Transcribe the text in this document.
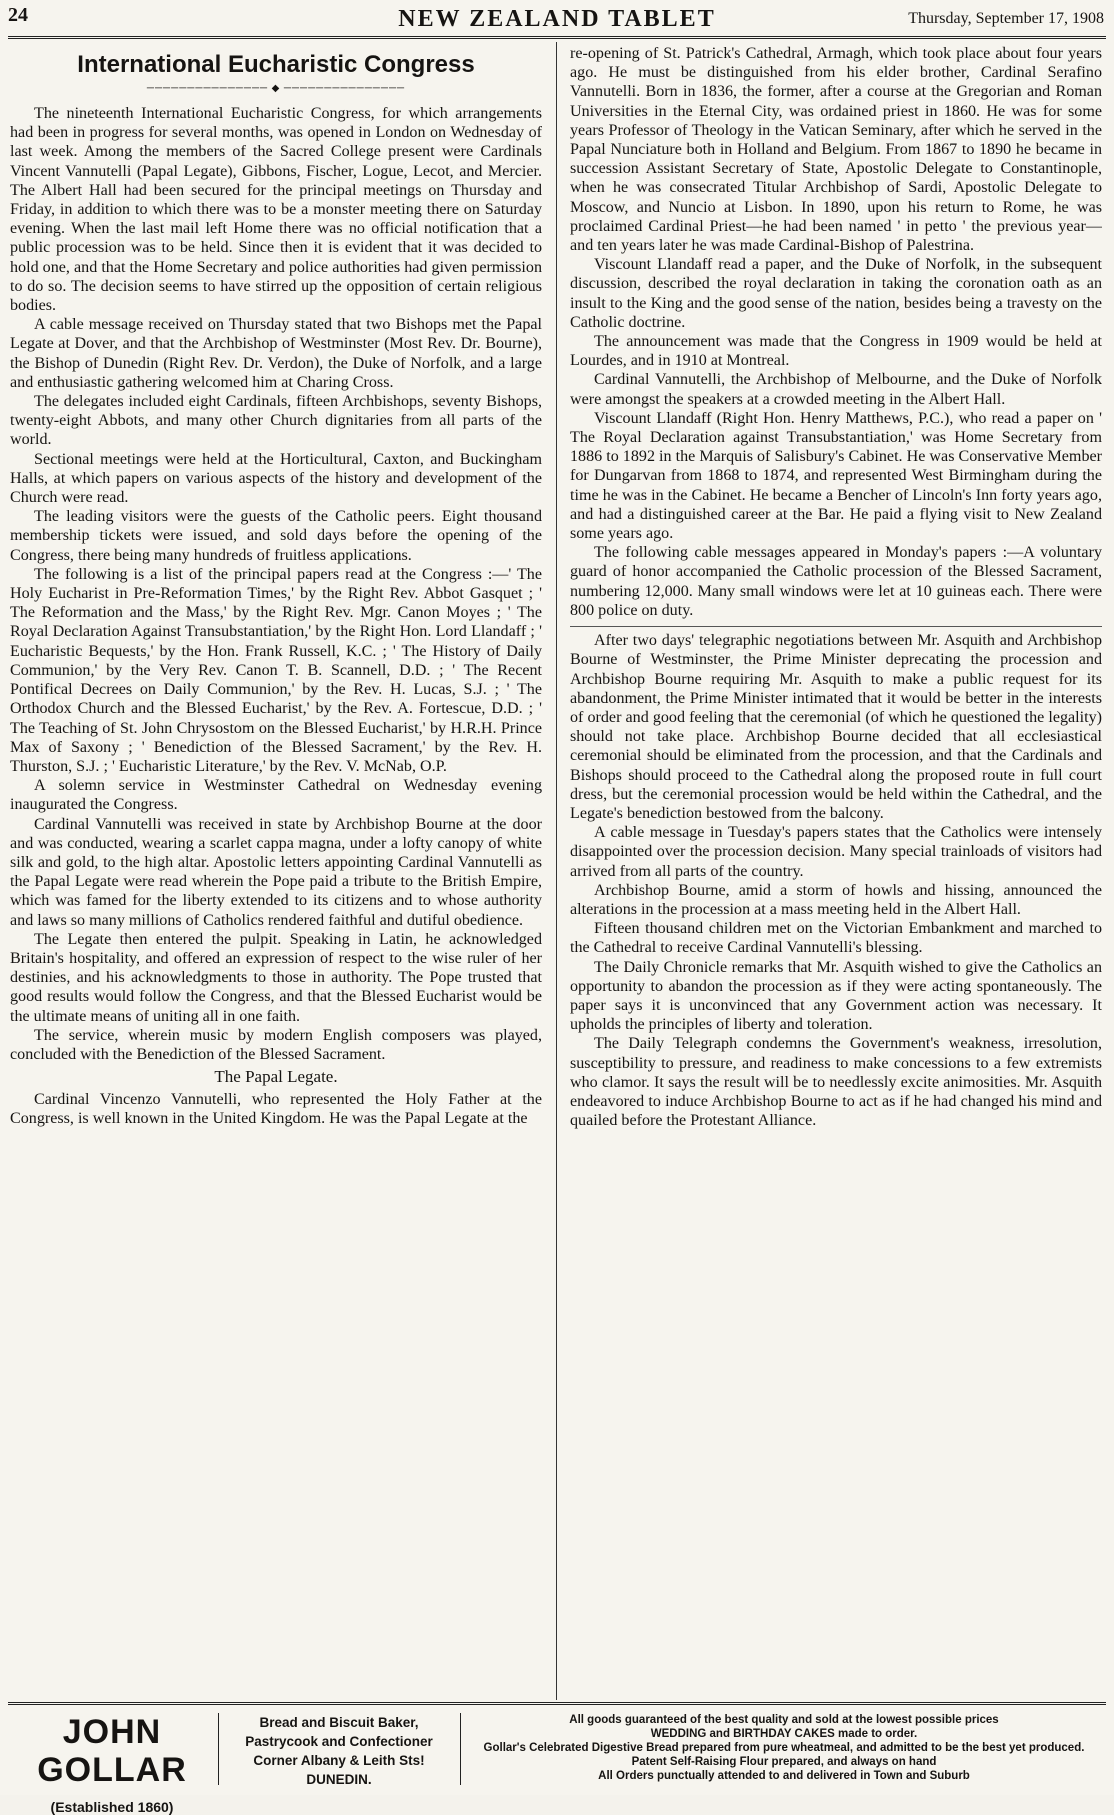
24	NEW ZEALAND TABLET	Thursday, September 17, 1908
International Eucharistic Congress
─────────────── ◆ ───────────────

The nineteenth International Eucharistic Congress, for which arrangements had been in progress for several months, was opened in London on Wednesday of last week. Among the members of the Sacred College present were Cardinals Vincent Vannutelli (Papal Legate), Gibbons, Fischer, Logue, Lecot, and Mercier. The Albert Hall had been secured for the principal meetings on Thursday and Friday, in addition to which there was to be a monster meeting there on Saturday evening. When the last mail left Home there was no official notification that a public procession was to be held. Since then it is evident that it was decided to hold one, and that the Home Secretary and police authorities had given permission to do so. The decision seems to have stirred up the opposition of certain religious bodies.

A cable message received on Thursday stated that two Bishops met the Papal Legate at Dover, and that the Archbishop of Westminster (Most Rev. Dr. Bourne), the Bishop of Dunedin (Right Rev. Dr. Verdon), the Duke of Norfolk, and a large and enthusiastic gathering welcomed him at Charing Cross.

The delegates included eight Cardinals, fifteen Archbishops, seventy Bishops, twenty-eight Abbots, and many other Church dignitaries from all parts of the world.

Sectional meetings were held at the Horticultural, Caxton, and Buckingham Halls, at which papers on various aspects of the history and development of the Church were read.

The leading visitors were the guests of the Catholic peers. Eight thousand membership tickets were issued, and sold days before the opening of the Congress, there being many hundreds of fruitless applications.

The following is a list of the principal papers read at the Congress :—' The Holy Eucharist in Pre-Reformation Times,' by the Right Rev. Abbot Gasquet ; ' The Reformation and the Mass,' by the Right Rev. Mgr. Canon Moyes ; ' The Royal Declaration Against Transubstantiation,' by the Right Hon. Lord Llandaff ; ' Eucharistic Bequests,' by the Hon. Frank Russell, K.C. ; ' The History of Daily Communion,' by the Very Rev. Canon T. B. Scannell, D.D. ; ' The Recent Pontifical Decrees on Daily Communion,' by the Rev. H. Lucas, S.J. ; ' The Orthodox Church and the Blessed Eucharist,' by the Rev. A. Fortescue, D.D. ; ' The Teaching of St. John Chrysostom on the Blessed Eucharist,' by H.R.H. Prince Max of Saxony ; ' Benediction of the Blessed Sacrament,' by the Rev. H. Thurston, S.J. ; ' Eucharistic Literature,' by the Rev. V. McNab, O.P.

A solemn service in Westminster Cathedral on Wednesday evening inaugurated the Congress.

Cardinal Vannutelli was received in state by Archbishop Bourne at the door and was conducted, wearing a scarlet cappa magna, under a lofty canopy of white silk and gold, to the high altar. Apostolic letters appointing Cardinal Vannutelli as the Papal Legate were read wherein the Pope paid a tribute to the British Empire, which was famed for the liberty extended to its citizens and to whose authority and laws so many millions of Catholics rendered faithful and dutiful obedience.

The Legate then entered the pulpit. Speaking in Latin, he acknowledged Britain's hospitality, and offered an expression of respect to the wise ruler of her destinies, and his acknowledgments to those in authority. The Pope trusted that good results would follow the Congress, and that the Blessed Eucharist would be the ultimate means of uniting all in one faith.

The service, wherein music by modern English composers was played, concluded with the Benediction of the Blessed Sacrament.

The Papal Legate.

Cardinal Vincenzo Vannutelli, who represented the Holy Father at the Congress, is well known in the United Kingdom. He was the Papal Legate at the

re-opening of St. Patrick's Cathedral, Armagh, which took place about four years ago. He must be distinguished from his elder brother, Cardinal Serafino Vannutelli. Born in 1836, the former, after a course at the Gregorian and Roman Universities in the Eternal City, was ordained priest in 1860. He was for some years Professor of Theology in the Vatican Seminary, after which he served in the Papal Nunciature both in Holland and Belgium. From 1867 to 1890 he became in succession Assistant Secretary of State, Apostolic Delegate to Constantinople, when he was consecrated Titular Archbishop of Sardi, Apostolic Delegate to Moscow, and Nuncio at Lisbon. In 1890, upon his return to Rome, he was proclaimed Cardinal Priest—he had been named ' in petto ' the previous year—and ten years later he was made Cardinal-Bishop of Palestrina.

Viscount Llandaff read a paper, and the Duke of Norfolk, in the subsequent discussion, described the royal declaration in taking the coronation oath as an insult to the King and the good sense of the nation, besides being a travesty on the Catholic doctrine.

The announcement was made that the Congress in 1909 would be held at Lourdes, and in 1910 at Montreal.

Cardinal Vannutelli, the Archbishop of Melbourne, and the Duke of Norfolk were amongst the speakers at a crowded meeting in the Albert Hall.

Viscount Llandaff (Right Hon. Henry Matthews, P.C.), who read a paper on ' The Royal Declaration against Transubstantiation,' was Home Secretary from 1886 to 1892 in the Marquis of Salisbury's Cabinet. He was Conservative Member for Dungarvan from 1868 to 1874, and represented West Birmingham during the time he was in the Cabinet. He became a Bencher of Lincoln's Inn forty years ago, and had a distinguished career at the Bar. He paid a flying visit to New Zealand some years ago.

The following cable messages appeared in Monday's papers :—A voluntary guard of honor accompanied the Catholic procession of the Blessed Sacrament, numbering 12,000. Many small windows were let at 10 guineas each. There were 800 police on duty.

After two days' telegraphic negotiations between Mr. Asquith and Archbishop Bourne of Westminster, the Prime Minister deprecating the procession and Archbishop Bourne requiring Mr. Asquith to make a public request for its abandonment, the Prime Minister intimated that it would be better in the interests of order and good feeling that the ceremonial (of which he questioned the legality) should not take place. Archbishop Bourne decided that all ecclesiastical ceremonial should be eliminated from the procession, and that the Cardinals and Bishops should proceed to the Cathedral along the proposed route in full court dress, but the ceremonial procession would be held within the Cathedral, and the Legate's benediction bestowed from the balcony.

A cable message in Tuesday's papers states that the Catholics were intensely disappointed over the procession decision. Many special trainloads of visitors had arrived from all parts of the country.

Archbishop Bourne, amid a storm of howls and hissing, announced the alterations in the procession at a mass meeting held in the Albert Hall.

Fifteen thousand children met on the Victorian Embankment and marched to the Cathedral to receive Cardinal Vannutelli's blessing.

The Daily Chronicle remarks that Mr. Asquith wished to give the Catholics an opportunity to abandon the procession as if they were acting spontaneously. The paper says it is unconvinced that any Government action was necessary. It upholds the principles of liberty and toleration.

The Daily Telegraph condemns the Government's weakness, irresolution, susceptibility to pressure, and readiness to make concessions to a few extremists who clamor. It says the result will be to needlessly excite animosities. Mr. Asquith endeavored to induce Archbishop Bourne to act as if he had changed his mind and quailed before the Protestant Alliance.

JOHN GOLLAR
(Established 1860)
Bread and Biscuit Baker,
Pastrycook and Confectioner
Corner Albany & Leith Sts!
DUNEDIN.
All goods guaranteed of the best quality and sold at the lowest possible prices
WEDDING and BIRTHDAY CAKES made to order.
Gollar's Celebrated Digestive Bread prepared from pure wheatmeal, and admitted to be the best yet produced. Patent Self-Raising Flour prepared, and always on hand
All Orders punctually attended to and delivered in Town and Suburb
